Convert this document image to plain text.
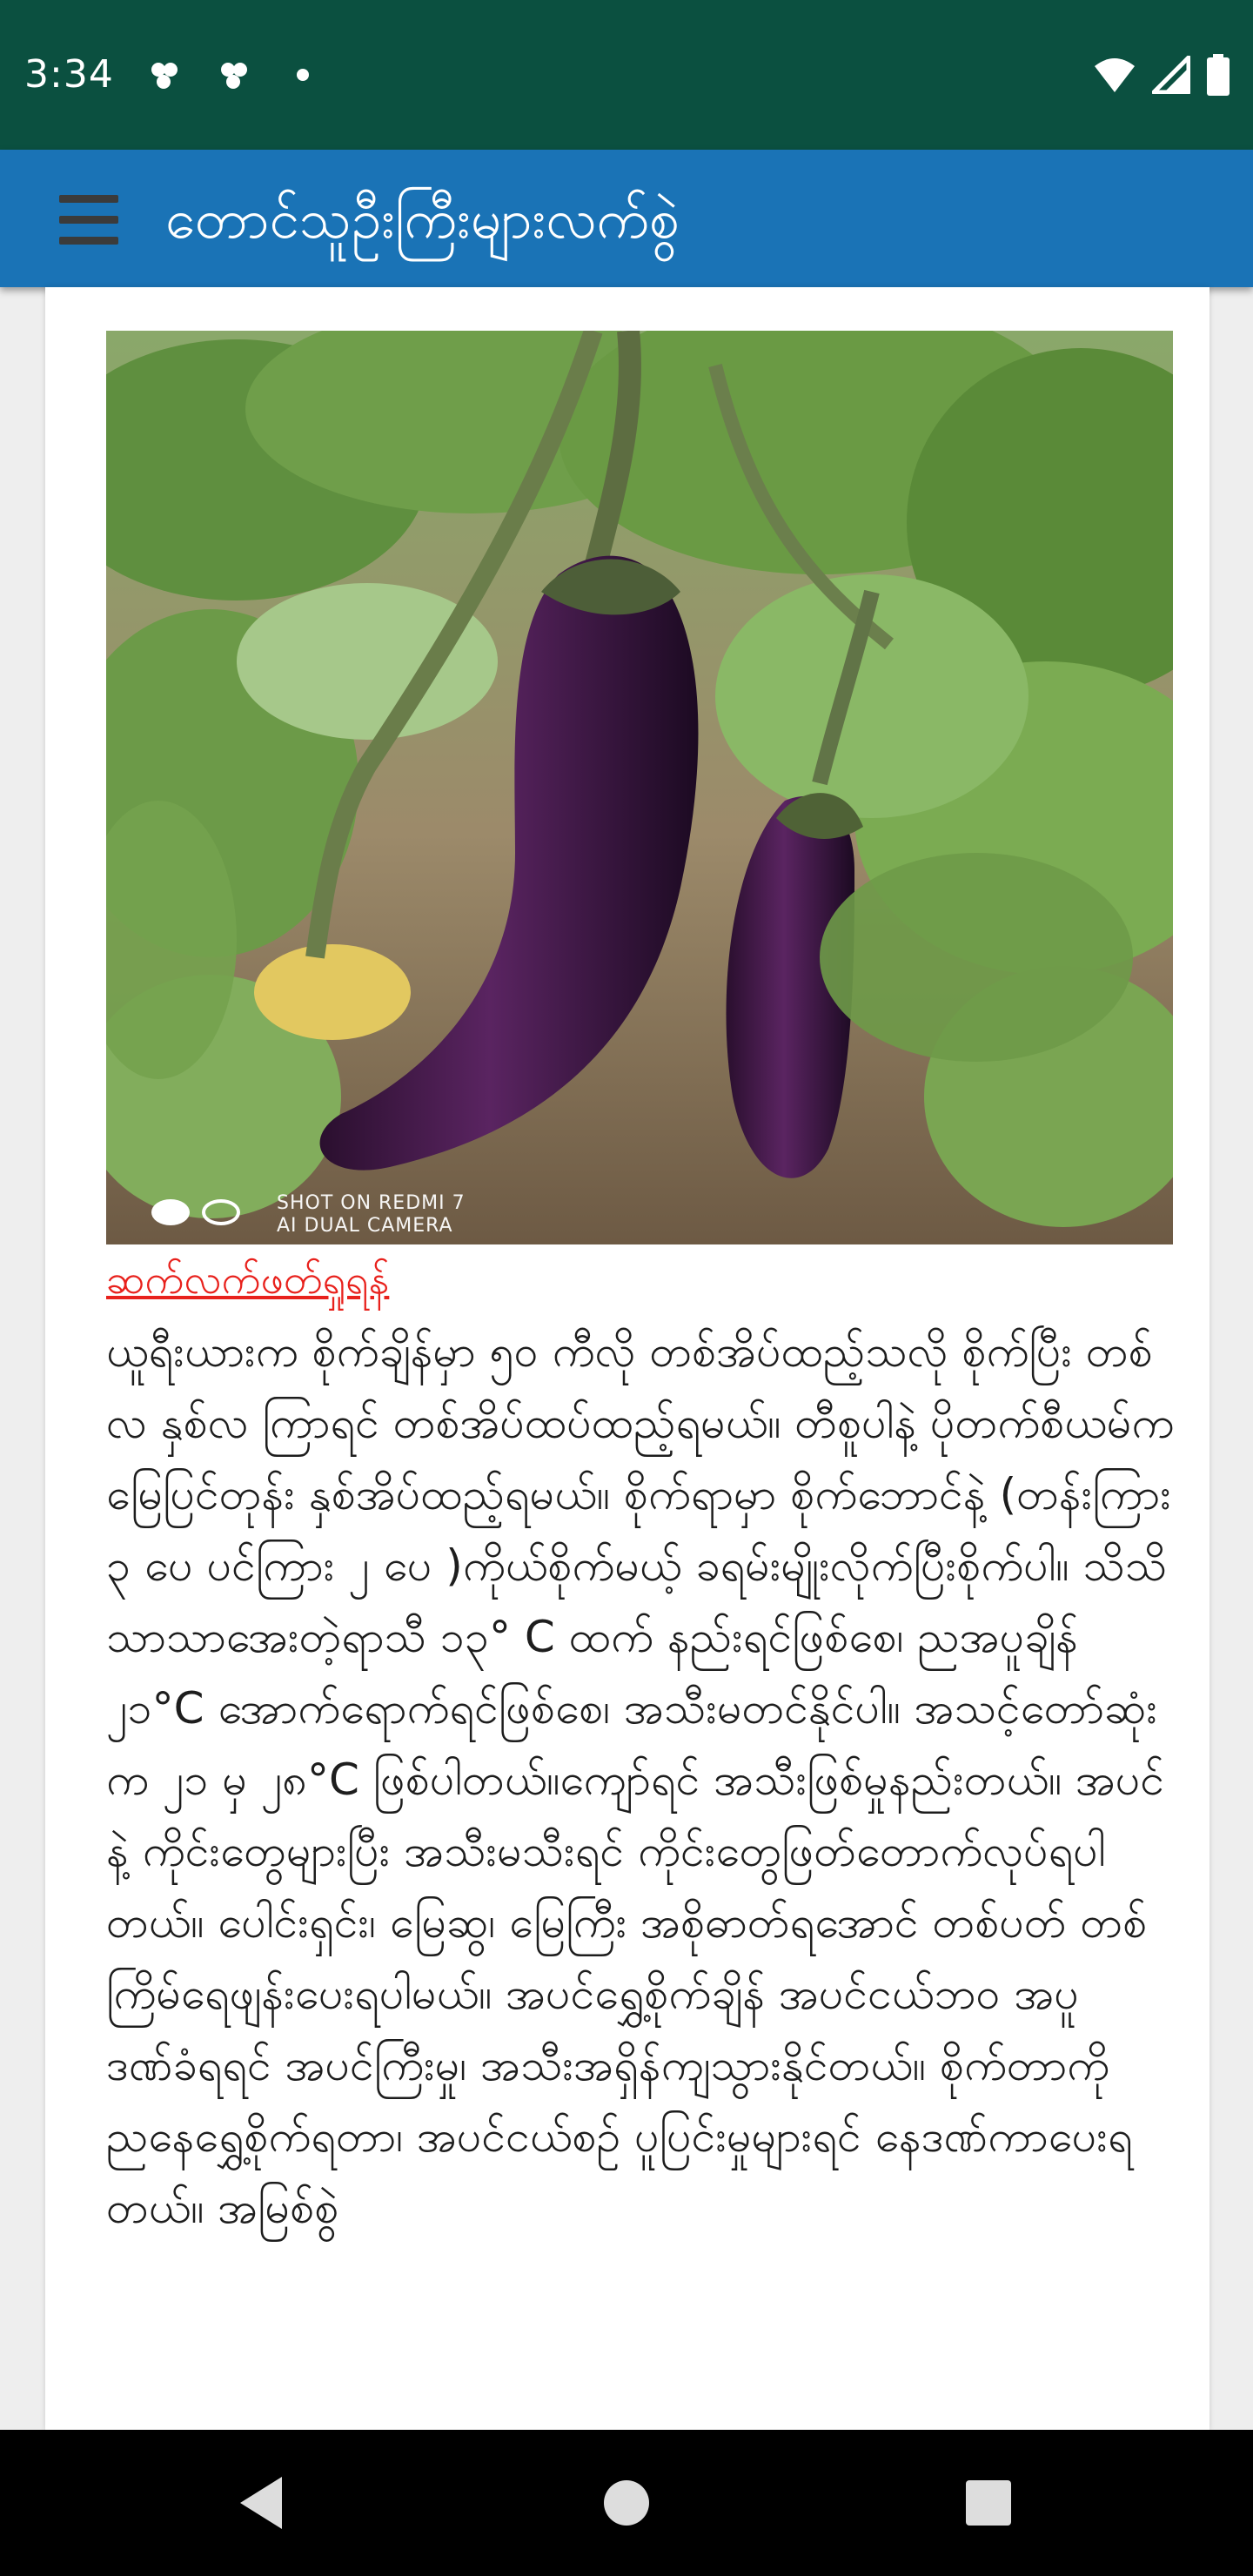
3:34
တောင်သူဦးကြီးများလက်စွဲ
SHOT ON REDMI 7
AI DUAL CAMERA
ဆက်လက်ဖတ်ရှုရန်
ယူရီးယားက စိုက်ချိန်မှာ ၅၀ ကီလို တစ်အိပ်ထည့်သလို စိုက်ပြီး တစ်လ နှစ်လ ကြာရင် တစ်အိပ်ထပ်ထည့်ရမယ်။ တီစူပါနဲ့ ပိုတက်စီယမ်က မြေပြင်တုန်း နှစ်အိပ်ထည့်ရမယ်။ စိုက်ရာမှာ စိုက်ဘောင်နဲ့ (တန်းကြား ၃ ပေ ပင်ကြား ၂ ပေ )ကိုယ်စိုက်မယ့် ခရမ်းမျိုးလိုက်ပြီးစိုက်ပါ။ သိသိသာသာအေးတဲ့ရာသီ ၁၃° C ထက် နည်းရင်ဖြစ်စေ၊ ညအပူချိန် ၂၁°C အောက်ရောက်ရင်ဖြစ်စေ၊ အသီးမတင်နိုင်ပါ။ အသင့်တော်ဆုံးက ၂၁ မှ ၂၈°C ဖြစ်ပါတယ်။ကျော်ရင် အသီးဖြစ်မှုနည်းတယ်။ အပင်နဲ့ ကိုင်းတွေများပြီး အသီးမသီးရင် ကိုင်းတွေဖြတ်တောက်လုပ်ရပါတယ်။ ပေါင်းရှင်း၊ မြေဆွ၊ မြေကြီး အစိုဓာတ်ရအောင် တစ်ပတ် တစ်ကြိမ်ရေဖျန်းပေးရပါမယ်။ အပင်ရွှေ့စိုက်ချိန် အပင်ငယ်ဘဝ အပူဒဏ်ခံရရင် အပင်ကြီးမှု၊ အသီးအရှိန်ကျသွားနိုင်တယ်။ စိုက်တာကို ညနေရွှေ့စိုက်ရတာ၊ အပင်ငယ်စဉ် ပူပြင်းမှုများရင် နေဒဏ်ကာပေးရတယ်။ အမြစ်စွဲ
